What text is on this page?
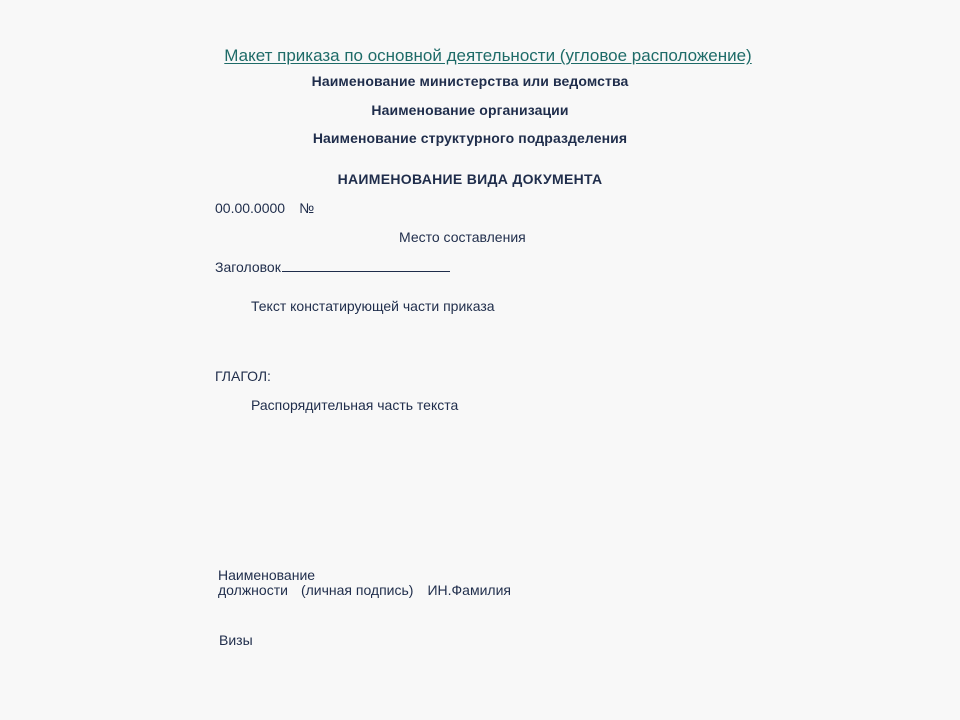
Макет приказа по основной деятельности (угловое расположение)
Наименование министерства или ведомства
Наименование организации
Наименование структурного подразделения
НАИМЕНОВАНИЕ ВИДА ДОКУМЕНТА
00.00.0000 №
Место составления
Заголовок
Текст констатирующей части приказа
ГЛАГОЛ:
Распорядительная часть текста
Наименование
должности (личная подпись) ИН.Фамилия
Визы
